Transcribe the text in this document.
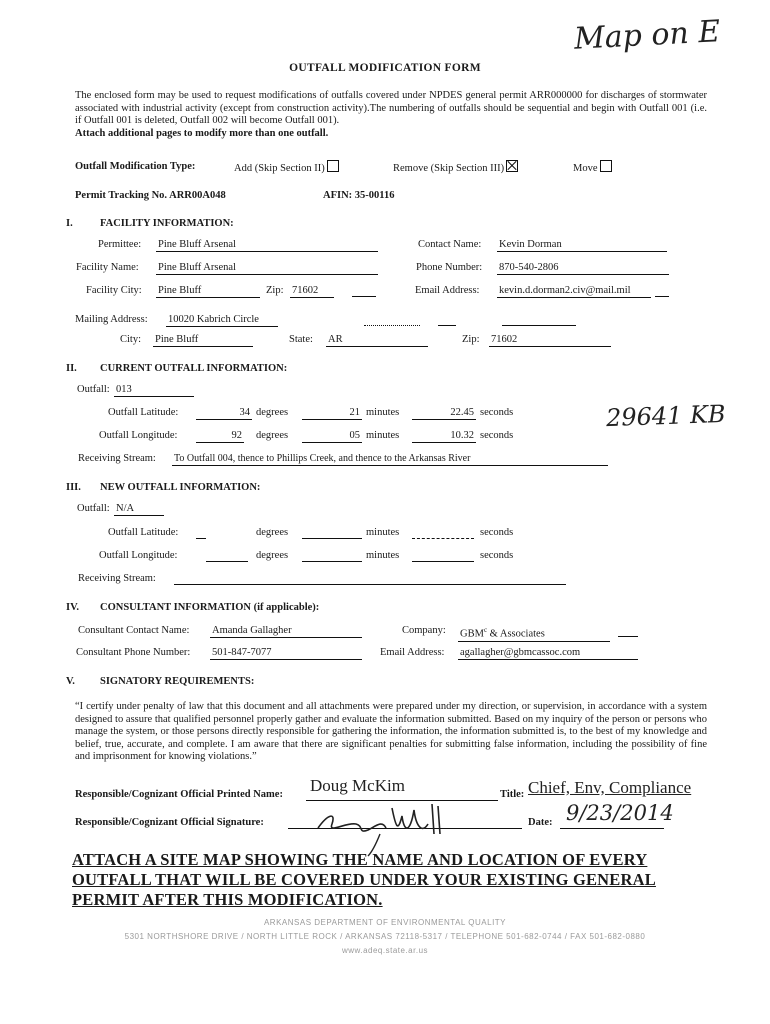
Map on E
29641 KB
OUTFALL MODIFICATION FORM
The enclosed form may be used to request modifications of outfalls covered under NPDES general permit ARR000000 for discharges of stormwater associated with industrial activity (except from construction activity).The numbering of outfalls should be sequential and begin with Outfall 001 (i.e. if Outfall 001 is deleted, Outfall 002 will become Outfall 001).
Attach additional pages to modify more than one outfall.
Outfall Modification Type:	Add (Skip Section II)	Remove (Skip Section III)	Move
Permit Tracking No. ARR00A048	AFIN: 35-00116
I.	FACILITY INFORMATION:
Permittee: Pine Bluff Arsenal	Contact Name: Kevin Dorman
Facility Name: Pine Bluff Arsenal	Phone Number: 870-540-2806
Facility City: Pine Bluff	Zip: 71602	Email Address: kevin.d.dorman2.civ@mail.mil
Mailing Address: 10020 Kabrich Circle
City: Pine Bluff	State: AR	Zip: 71602
II. CURRENT OUTFALL INFORMATION:
Outfall: 013
Outfall Latitude:	34 degrees	21 minutes	22.45 seconds
Outfall Longitude:	92 degrees	05 minutes	10.32 seconds
Receiving Stream: To Outfall 004, thence to Phillips Creek, and thence to the Arkansas River
III. NEW OUTFALL INFORMATION:
Outfall: N/A
Outfall Latitude:	degrees	minutes	seconds
Outfall Longitude:	degrees	minutes	seconds
Receiving Stream:
IV. CONSULTANT INFORMATION (if applicable):
Consultant Contact Name: Amanda Gallagher	Company: GBM$^c$ & Associates
Consultant Phone Number: 501-847-7077	Email Address: agallagher@gbmcassoc.com
V. SIGNATORY REQUIREMENTS:
“I certify under penalty of law that this document and all attachments were prepared under my direction, or supervision, in accordance with a system designed to assure that qualified personnel properly gather and evaluate the information submitted. Based on my inquiry of the person or persons who manage the system, or those persons directly responsible for gathering the information, the information submitted is, to the best of my knowledge and belief, true, accurate, and complete. I am aware that there are significant penalties for submitting false information, including the possibility of fine and imprisonment for knowing violations.”
Responsible/Cognizant Official Printed Name: Doug McKim	Title: Chief, Env, Compliance
Responsible/Cognizant Official Signature:	Date: 9/23/2014
ATTACH A SITE MAP SHOWING THE NAME AND LOCATION OF EVERY OUTFALL THAT WILL BE COVERED UNDER YOUR EXISTING GENERAL PERMIT AFTER THIS MODIFICATION.
ARKANSAS DEPARTMENT OF ENVIRONMENTAL QUALITY
5301 NORTHSHORE DRIVE / NORTH LITTLE ROCK / ARKANSAS 72118-5317 / TELEPHONE 501-682-0744 / FAX 501-682-0880
www.adeq.state.ar.us
